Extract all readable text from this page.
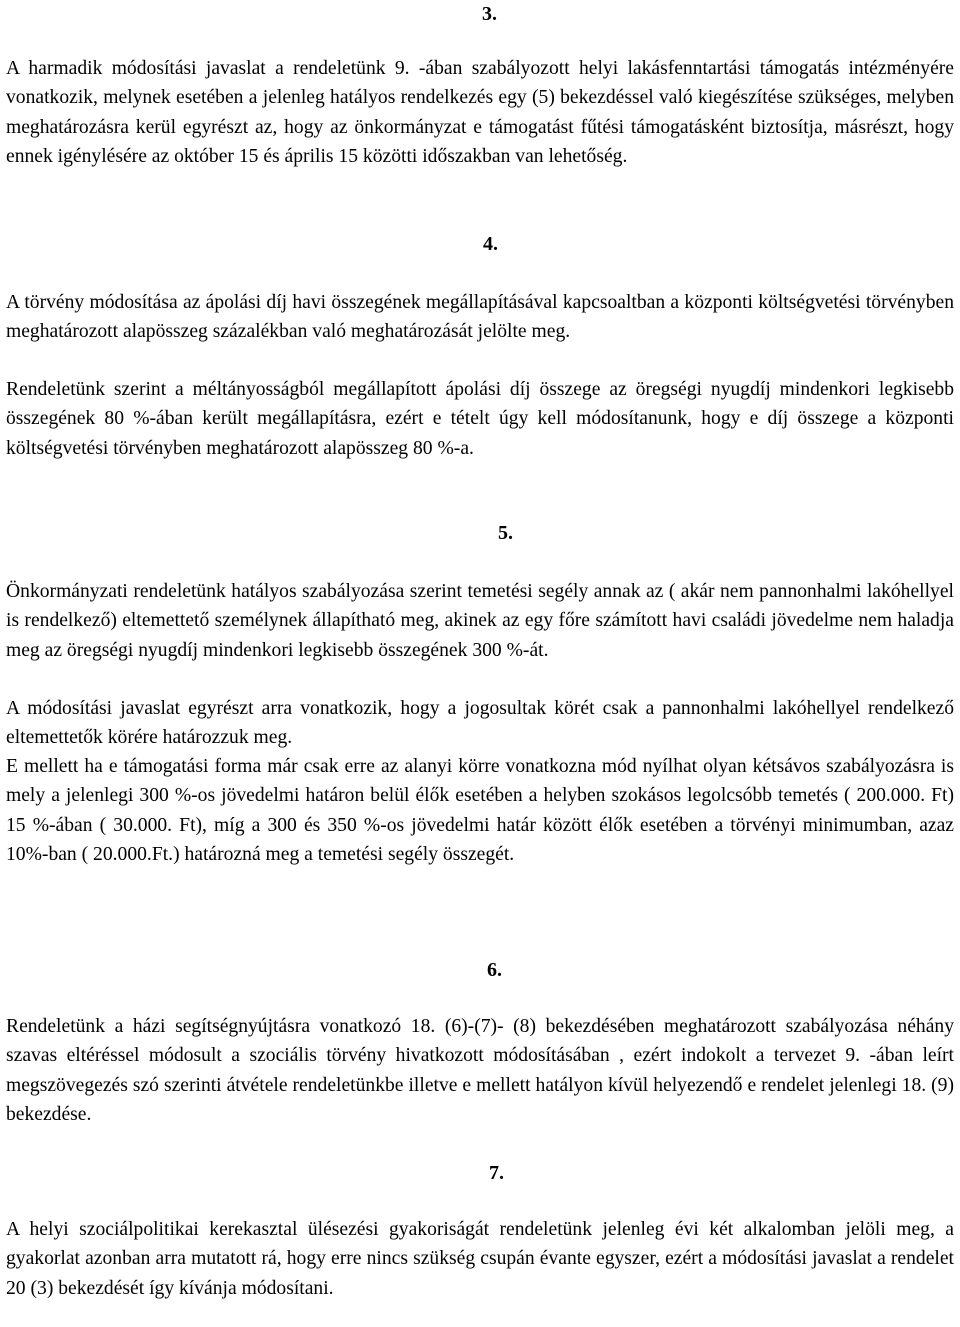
3.

A harmadik módosítási javaslat a rendeletünk 9. -ában szabályozott helyi lakásfenntartási támogatás intézményére vonatkozik, melynek esetében a jelenleg hatályos rendelkezés egy (5) bekezdéssel való kiegészítése szükséges, melyben meghatározásra kerül egyrészt az, hogy az önkormányzat e támogatást fűtési támogatásként biztosítja, másrészt, hogy ennek igénylésére az október 15 és április 15 közötti időszakban van lehetőség.

4.

A törvény módosítása az ápolási díj havi összegének megállapításával kapcsoaltban a központi költségvetési törvényben meghatározott alapösszeg százalékban való meghatározását jelölte meg.

Rendeletünk szerint a méltányosságból megállapított ápolási díj összege az öregségi nyugdíj mindenkori legkisebb összegének 80 %-ában került megállapításra, ezért e tételt úgy kell módosítanunk, hogy e díj összege a központi költségvetési törvényben meghatározott alapösszeg 80 %-a.

5.

Önkormányzati rendeletünk hatályos szabályozása szerint temetési segély annak az ( akár nem pannonhalmi lakóhellyel is rendelkező) eltemettető személynek állapítható meg, akinek az egy főre számított havi családi jövedelme nem haladja meg az öregségi nyugdíj mindenkori legkisebb összegének 300 %-át.

A módosítási javaslat egyrészt arra vonatkozik, hogy a jogosultak körét csak a pannonhalmi lakóhellyel rendelkező eltemettetők körére határozzuk meg.

E mellett ha e támogatási forma már csak erre az alanyi körre vonatkozna mód nyílhat olyan kétsávos szabályozásra is mely a jelenlegi 300 %-os jövedelmi határon belül élők esetében a helyben szokásos legolcsóbb temetés ( 200.000. Ft) 15 %-ában ( 30.000. Ft), míg a 300 és 350 %-os jövedelmi határ között élők esetében a törvényi minimumban, azaz 10%-ban ( 20.000.Ft.) határozná meg a temetési segély összegét.

6.

Rendeletünk a házi segítségnyújtásra vonatkozó 18. (6)-(7)- (8) bekezdésében meghatározott szabályozása néhány szavas eltéréssel módosult a szociális törvény hivatkozott módosításában , ezért indokolt a tervezet 9. -ában leírt megszövegezés szó szerinti átvétele rendeletünkbe illetve e mellett hatályon kívül helyezendő e rendelet jelenlegi 18. (9) bekezdése.

7.

A helyi szociálpolitikai kerekasztal ülésezési gyakoriságát rendeletünk jelenleg évi két alkalomban jelöli meg, a gyakorlat azonban arra mutatott rá, hogy erre nincs szükség csupán évante egyszer, ezért a módosítási javaslat a rendelet 20 (3) bekezdését így kívánja módosítani.
